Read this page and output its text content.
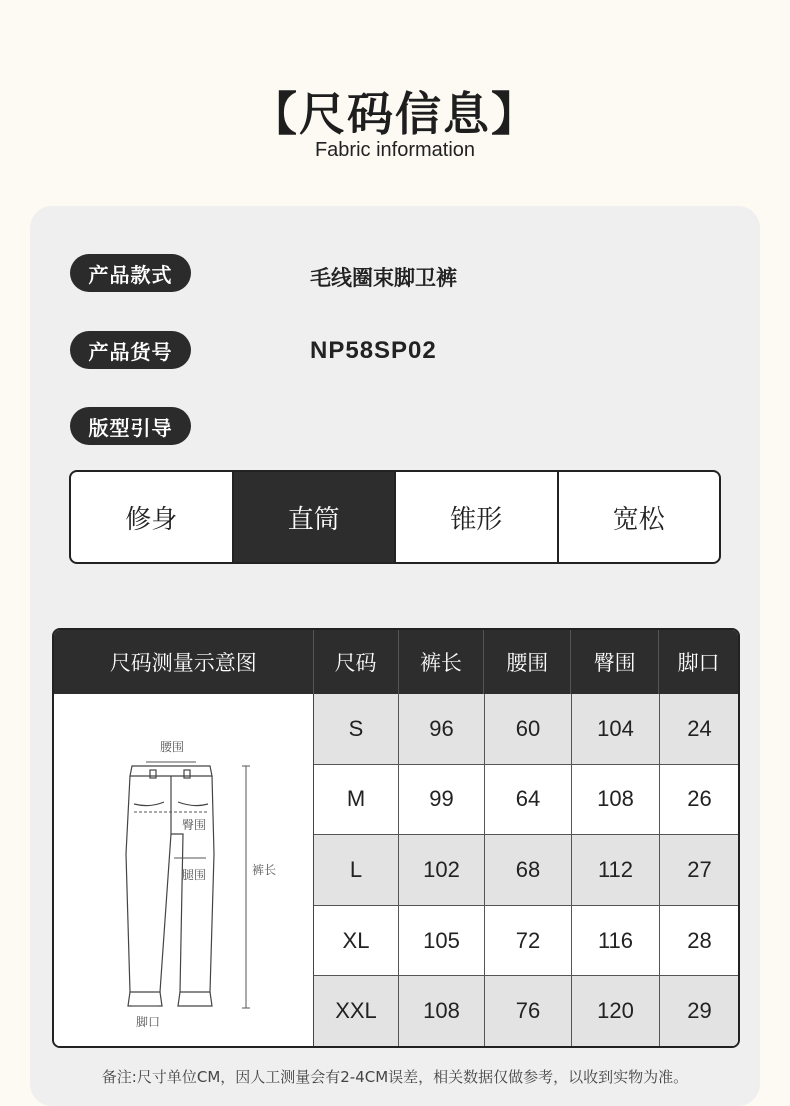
【尺码信息】
Fabric information
产品款式	毛线圈束脚卫裤
产品货号	NP58SP02
版型引导
修身	直筒	锥形	宽松
尺码测量示意图	尺码	裤长	腰围	臀围	脚口
腰围
臀围
腿围	裤长
脚口
S	96	60	104	24
M	99	64	108	26
L	102	68	112	27
XL	105	72	116	28
XXL	108	76	120	29
备注:尺寸单位CM，因人工测量会有2-4CM误差，相关数据仅做参考，以收到实物为准。
